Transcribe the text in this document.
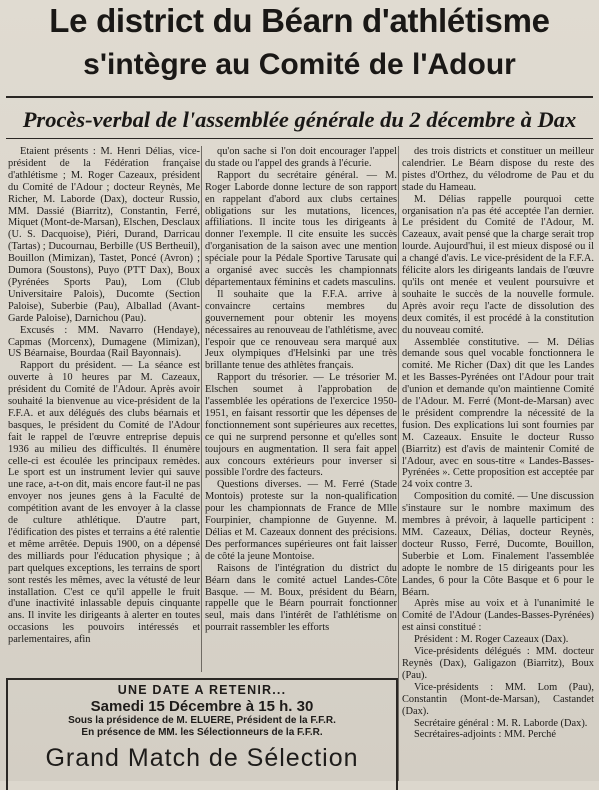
Le district du Béarn d'athlétisme
s'intègre au Comité de l'Adour
Procès-verbal de l'assemblée générale du 2 décembre à Dax

Etaient présents : M. Henri Délias, vice-président de la Fédération française d'athlétisme ; M. Roger Cazeaux, président du Comité de l'Adour ; docteur Reynès, Me Richer, M. Laborde (Dax), docteur Russio, MM. Dassié (Biarritz), Constantin, Ferré, Miquet (Mont-de-Marsan), Elschen, Desclaux (U. S. Dacquoise), Piéri, Durand, Darricau (Tartas) ; Ducournau, Berbille (US Bertheuil), Bouillon (Mimizan), Tastet, Poncé (Avron) ; Dumora (Soustons), Puyo (PTT Dax), Boux (Pyrénées Sports Pau), Lom (Club Universitaire Palois), Ducomte (Section Paloise), Suberbie (Pau), Alballad (Avant-Garde Paloise), Darnichou (Pau).

Excusés : MM. Navarro (Hendaye), Capmas (Morcenx), Dumagene (Mimizan), US Béarnaise, Bourdaa (Rail Bayonnais).

Rapport du président. — La séance est ouverte à 10 heures par M. Cazeaux, président du Comité de l'Adour. Après avoir souhaité la bienvenue au vice-président de la F.F.A. et aux délégués des clubs béarnais et basques, le président du Comité de l'Adour fait le rappel de l'œuvre entreprise depuis 1936 au milieu des difficultés. Il énumère celle-ci est écoulée les principaux remèdes. Le sport est un instrument levier qui sauve une race, a-t-on dit, mais encore faut-il ne pas envoyer nos jeunes gens à la Faculté de compétition avant de les envoyer à la classe de culture athlétique. D'autre part, l'édification des pistes et terrains a été ralentie et même arrêtée. Depuis 1900, on a dépensé des milliards pour l'éducation physique ; à part quelques exceptions, les terrains de sport sont restés les mêmes, avec la vétusté de leur installation. C'est ce qu'il appelle le fruit d'une inactivité inlassable depuis cinquante ans. Il invite les dirigeants à alerter en toutes occasions les pouvoirs intéressés et parlementaires, afin

qu'on sache si l'on doit encourager l'appel du stade ou l'appel des grands à l'écurie.

Rapport du secrétaire général. — M. Roger Laborde donne lecture de son rapport en rappelant d'abord aux clubs certaines obligations sur les mutations, licences, affiliations. Il incite tous les dirigeants à donner l'exemple. Il cite ensuite les succès d'organisation de la saison avec une mention spéciale pour la Pédale Sportive Tarusate qui a organisé avec succès les championnats départementaux féminins et cadets masculins.

Il souhaite que la F.F.A. arrive à convaincre certains membres du gouvernement pour obtenir les moyens nécessaires au renouveau de l'athlétisme, avec l'espoir que ce renouveau sera marqué aux Jeux olympiques d'Helsinki par une très brillante tenue des athlètes français.

Rapport du trésorier. — Le trésorier M. Elschen soumet à l'approbation de l'assemblée les opérations de l'exercice 1950-1951, en faisant ressortir que les dépenses de fonctionnement sont supérieures aux recettes, ce qui ne surprend personne et qu'elles sont toujours en augmentation. Il sera fait appel aux concours extérieurs pour inverser si possible l'ordre des facteurs.

Questions diverses. — M. Ferré (Stade Montois) proteste sur la non-qualification pour les championnats de France de Mlle Fourpinier, championne de Guyenne. M. Délias et M. Cazeaux donnent des précisions. Des performances supérieures ont fait laisser de côté la jeune Montoise.

Raisons de l'intégration du district du Béarn dans le comité actuel Landes-Côte Basque. — M. Boux, président du Béarn, rappelle que le Béarn pourrait fonctionner seul, mais dans l'intérêt de l'athlétisme on pourrait rassembler les efforts

des trois districts et constituer un meilleur calendrier. Le Béarn dispose du reste des pistes d'Orthez, du vélodrome de Pau et du stade du Hameau.

M. Délias rappelle pourquoi cette organisation n'a pas été acceptée l'an dernier. Le président du Comité de l'Adour, M. Cazeaux, avait pensé que la charge serait trop lourde. Aujourd'hui, il est mieux disposé ou il a changé d'avis. Le vice-président de la F.F.A. félicite alors les dirigeants landais de l'œuvre qu'ils ont menée et veulent poursuivre et souhaite le succès de la nouvelle formule. Après avoir reçu l'acte de dissolution des deux comités, il est procédé à la constitution du nouveau comité.

Assemblée constitutive. — M. Délias demande sous quel vocable fonctionnera le comité. Me Richer (Dax) dit que les Landes et les Basses-Pyrénées ont l'Adour pour trait d'union et demande qu'on maintienne Comité de l'Adour. M. Ferré (Mont-de-Marsan) avec le président comprendre la nécessité de la fusion. Des explications lui sont fournies par M. Cazeaux. Ensuite le docteur Russo (Biarritz) est d'avis de maintenir Comité de l'Adour, avec en sous-titre « Landes-Basses-Pyrénées ». Cette proposition est acceptée par 24 voix contre 3.

Composition du comité. — Une discussion s'instaure sur le nombre maximum des membres à prévoir, à laquelle participent : MM. Cazeaux, Délias, docteur Reynès, docteur Russo, Ferré, Ducomte, Bouillon, Suberbie et Lom. Finalement l'assemblée adopte le nombre de 15 dirigeants pour les Landes, 6 pour la Côte Basque et 6 pour le Béarn.

Après mise au voix et à l'unanimité le Comité de l'Adour (Landes-Basses-Pyrénées) est ainsi constitué :

Président : M. Roger Cazeaux (Dax).

Vice-présidents délégués : MM. docteur Reynès (Dax), Galigazon (Biarritz), Boux (Pau).

Vice-présidents : MM. Lom (Pau), Constantin (Mont-de-Marsan), Castandet (Dax).

Secrétaire général : M. R. Laborde (Dax).

Secrétaires-adjoints : MM. Perché

UNE DATE A RETENIR...
Samedi 15 Décembre à 15 h. 30
Sous la présidence de M. ELUERE, Président de la F.F.R.
En présence de MM. les Sélectionneurs de la F.F.R.
Grand Match de Sélection
